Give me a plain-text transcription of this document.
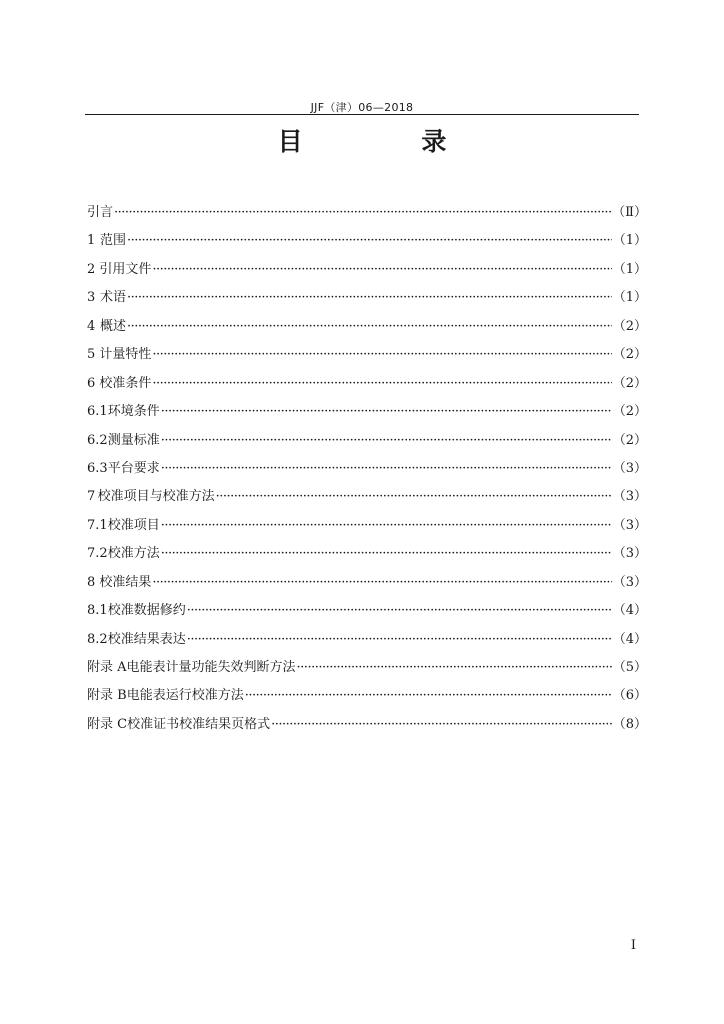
JJF（津）06—2018
目 录
引言 ·····	（Ⅱ）
1 范围 ·····	（1）
2 引用文件 ·····	（1）
3 术语 ·····	（1）
4 概述 ·····	（2）
5 计量特性 ·····	（2）
6 校准条件 ·····	（2）
6.1 环境条件 ·····	（2）
6.2 测量标准 ·····	（2）
6.3 平台要求 ·····	（3）
7 校准项目与校准方法 ·····	（3）
7.1 校准项目 ·····	（3）
7.2 校准方法 ·····	（3）
8 校准结果 ·····	（3）
8.1 校准数据修约 ·····	（4）
8.2 校准结果表达 ·····	（4）
附录 A 电能表计量功能失效判断方法 ·····	（5）
附录 B 电能表运行校准方法 ·····	（6）
附录 C 校准证书校准结果页格式 ·····	（8）
I
